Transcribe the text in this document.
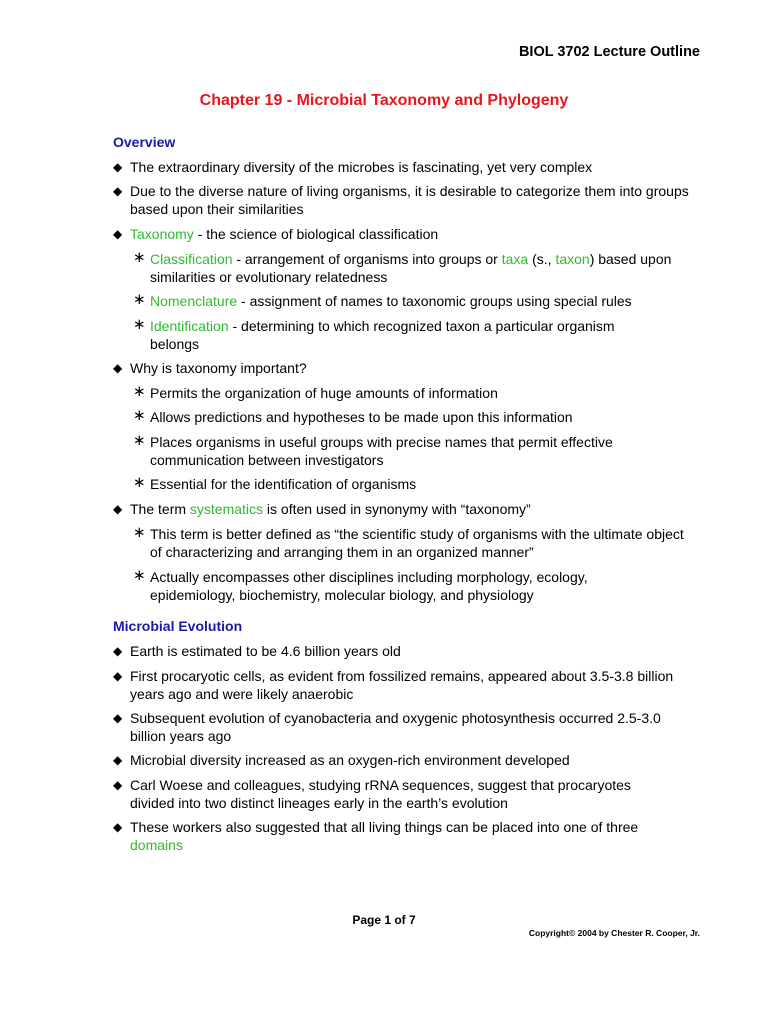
BIOL 3702 Lecture Outline
Chapter 19 - Microbial Taxonomy and Phylogeny
Overview
◆ The extraordinary diversity of the microbes is fascinating, yet very complex
◆ Due to the diverse nature of living organisms, it is desirable to categorize them into groups based upon their similarities
◆ Taxonomy - the science of biological classification
∗ Classification - arrangement of organisms into groups or taxa (s., taxon) based upon similarities or evolutionary relatedness
∗ Nomenclature - assignment of names to taxonomic groups using special rules
∗ Identification - determining to which recognized taxon a particular organism belongs
◆ Why is taxonomy important?
∗ Permits the organization of huge amounts of information
∗ Allows predictions and hypotheses to be made upon this information
∗ Places organisms in useful groups with precise names that permit effective communication between investigators
∗ Essential for the identification of organisms
◆ The term systematics is often used in synonymy with “taxonomy”
∗ This term is better defined as “the scientific study of organisms with the ultimate object of characterizing and arranging them in an organized manner”
∗ Actually encompasses other disciplines including morphology, ecology, epidemiology, biochemistry, molecular biology, and physiology
Microbial Evolution
◆ Earth is estimated to be 4.6 billion years old
◆ First procaryotic cells, as evident from fossilized remains, appeared about 3.5-3.8 billion years ago and were likely anaerobic
◆ Subsequent evolution of cyanobacteria and oxygenic photosynthesis occurred 2.5-3.0 billion years ago
◆ Microbial diversity increased as an oxygen-rich environment developed
◆ Carl Woese and colleagues, studying rRNA sequences, suggest that procaryotes divided into two distinct lineages early in the earth’s evolution
◆ These workers also suggested that all living things can be placed into one of three domains
Page 1 of 7
Copyright© 2004 by Chester R. Cooper, Jr.
